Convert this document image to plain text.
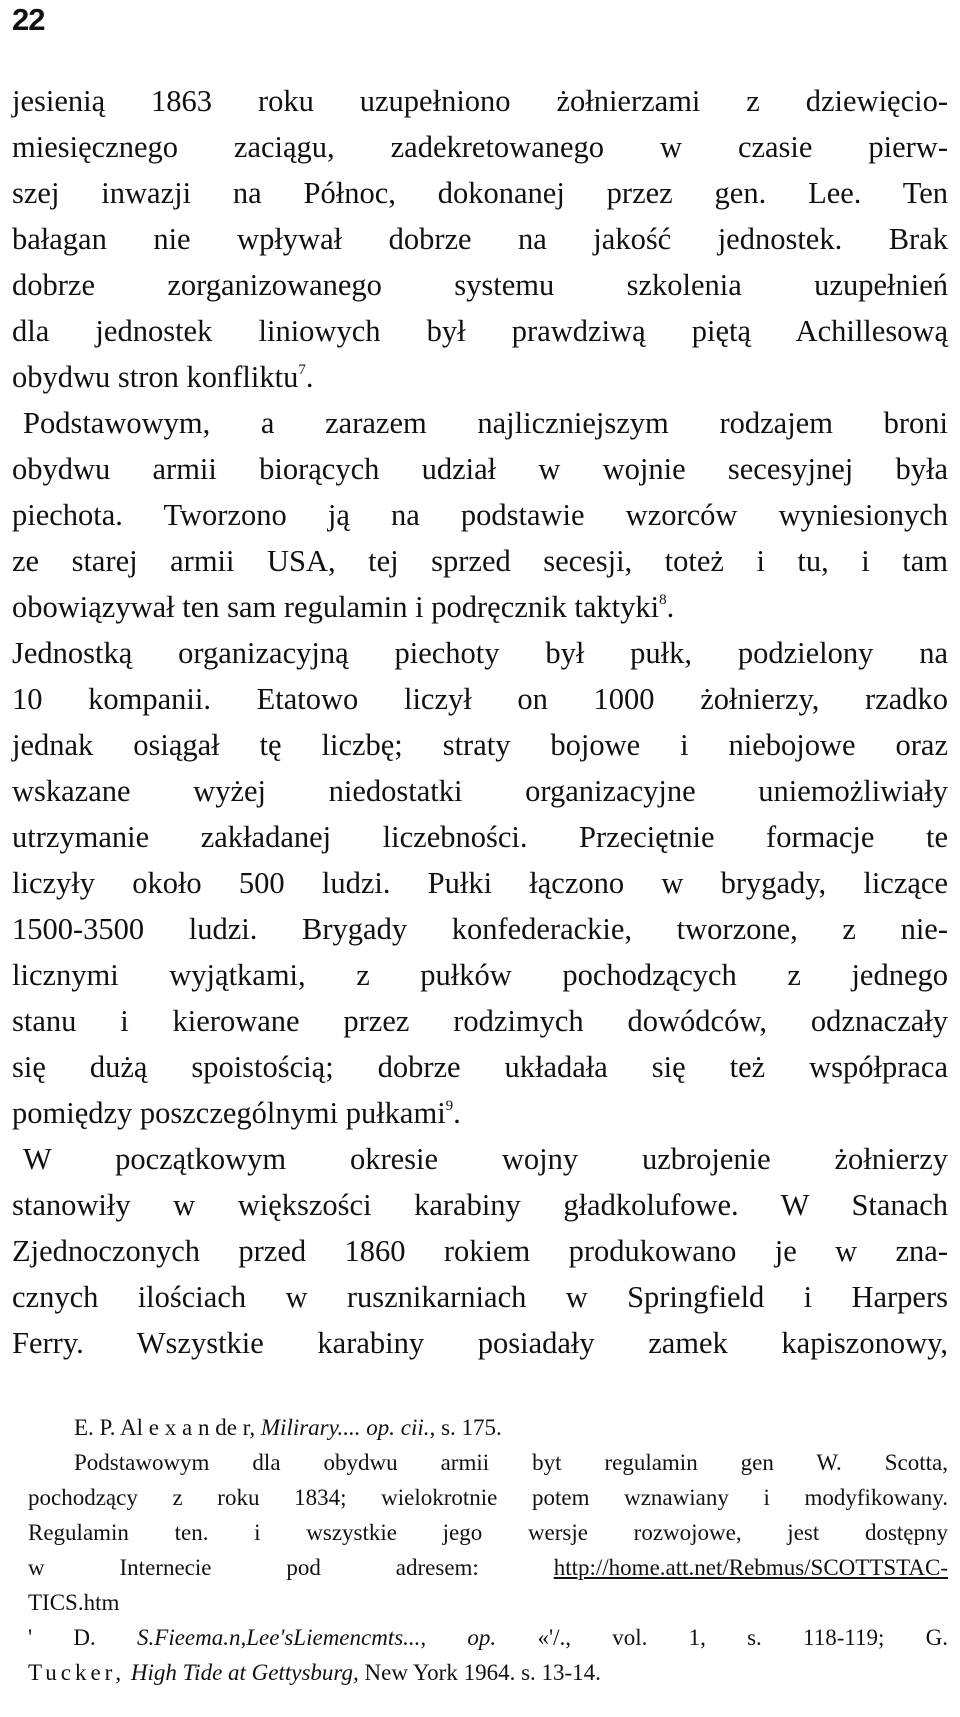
22
jesienią 1863 roku uzupełniono żołnierzami z dziewięcio-
miesięcznego zaciągu, zadekretowanego w czasie pierw-
szej inwazji na Północ, dokonanej przez gen. Lee. Ten
bałagan nie wpływał dobrze na jakość jednostek. Brak
dobrze zorganizowanego systemu szkolenia uzupełnień
dla jednostek liniowych był prawdziwą piętą Achillesową
obydwu stron konfliktu$^7$.
Podstawowym, a zarazem najliczniejszym rodzajem broni
obydwu armii biorących udział w wojnie secesyjnej była
piechota. Tworzono ją na podstawie wzorców wyniesionych
ze starej armii USA, tej sprzed secesji, toteż i tu, i tam
obowiązywał ten sam regulamin i podręcznik taktyki$^8$.
Jednostką organizacyjną piechoty był pułk, podzielony na
10 kompanii. Etatowo liczył on 1000 żołnierzy, rzadko
jednak osiągał tę liczbę; straty bojowe i niebojowe oraz
wskazane wyżej niedostatki organizacyjne uniemożliwiały
utrzymanie zakładanej liczebności. Przeciętnie formacje te
liczyły około 500 ludzi. Pułki łączono w brygady, liczące
1500-3500 ludzi. Brygady konfederackie, tworzone, z nie-
licznymi wyjątkami, z pułków pochodzących z jednego
stanu i kierowane przez rodzimych dowódców, odznaczały
się dużą spoistością; dobrze układała się też współpraca
pomiędzy poszczególnymi pułkami$^9$.
W początkowym okresie wojny uzbrojenie żołnierzy
stanowiły w większości karabiny gładkolufowe. W Stanach
Zjednoczonych przed 1860 rokiem produkowano je w zna-
cznych ilościach w rusznikarniach w Springfield i Harpers
Ferry. Wszystkie karabiny posiadały zamek kapiszonowy,
E. P. Al e x a n de r, Milirary.... op. cii., s. 175.
Podstawowym dla obydwu armii byt regulamin gen W. Scotta,
pochodzący z roku 1834; wielokrotnie potem wznawiany i modyfikowany.
Regulamin ten. i wszystkie jego wersje rozwojowe, jest dostępny
w Internecie pod adresem:	http://home.att.net/Rebmus/SCOTTSTAC-
TICS.htm
' D. S.Fieema.n,Lee'sLiemencmts..., op. «'/., vol. 1, s. 118-119; G.
Tucker, High Tide at Gettysburg, New York 1964. s. 13-14.
